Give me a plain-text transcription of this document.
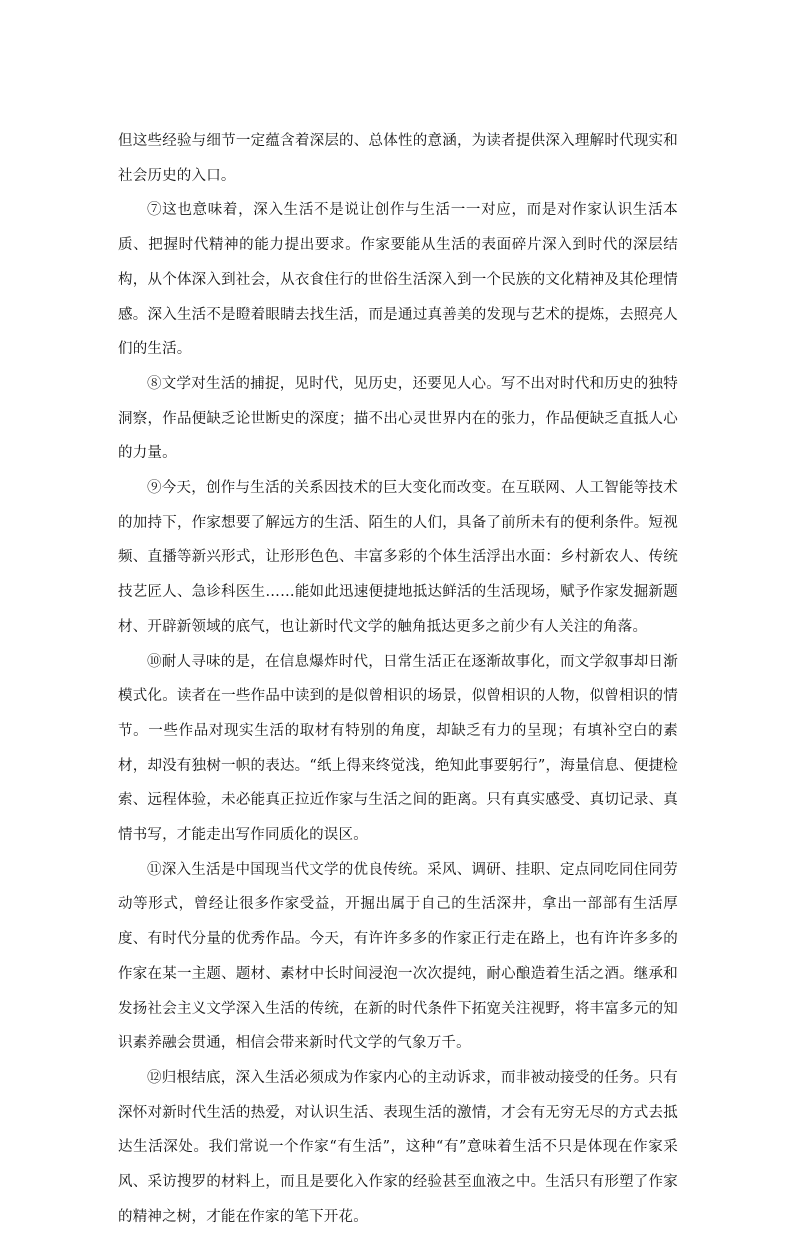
但这些经验与细节一定蕴含着深层的、总体性的意涵，为读者提供深入理解时代现实和社会历史的入口。

⑦这也意味着，深入生活不是说让创作与生活一一对应，而是对作家认识生活本质、把握时代精神的能力提出要求。作家要能从生活的表面碎片深入到时代的深层结构，从个体深入到社会，从衣食住行的世俗生活深入到一个民族的文化精神及其伦理情感。深入生活不是瞪着眼睛去找生活，而是通过真善美的发现与艺术的提炼，去照亮人们的生活。

⑧文学对生活的捕捉，见时代，见历史，还要见人心。写不出对时代和历史的独特洞察，作品便缺乏论世断史的深度；描不出心灵世界内在的张力，作品便缺乏直抵人心的力量。

⑨今天，创作与生活的关系因技术的巨大变化而改变。在互联网、人工智能等技术的加持下，作家想要了解远方的生活、陌生的人们，具备了前所未有的便利条件。短视频、直播等新兴形式，让形形色色、丰富多彩的个体生活浮出水面：乡村新农人、传统技艺匠人、急诊科医生……能如此迅速便捷地抵达鲜活的生活现场，赋予作家发掘新题材、开辟新领域的底气，也让新时代文学的触角抵达更多之前少有人关注的角落。

⑩耐人寻味的是，在信息爆炸时代，日常生活正在逐渐故事化，而文学叙事却日渐模式化。读者在一些作品中读到的是似曾相识的场景，似曾相识的人物，似曾相识的情节。一些作品对现实生活的取材有特别的角度，却缺乏有力的呈现；有填补空白的素材，却没有独树一帜的表达。“纸上得来终觉浅，绝知此事要躬行”，海量信息、便捷检索、远程体验，未必能真正拉近作家与生活之间的距离。只有真实感受、真切记录、真情书写，才能走出写作同质化的误区。

⑪深入生活是中国现当代文学的优良传统。采风、调研、挂职、定点同吃同住同劳动等形式，曾经让很多作家受益，开掘出属于自己的生活深井，拿出一部部有生活厚度、有时代分量的优秀作品。今天，有许许多多的作家正行走在路上，也有许许多多的作家在某一主题、题材、素材中长时间浸泡一次次提纯，耐心酿造着生活之酒。继承和发扬社会主义文学深入生活的传统，在新的时代条件下拓宽关注视野，将丰富多元的知识素养融会贯通，相信会带来新时代文学的气象万千。

⑫归根结底，深入生活必须成为作家内心的主动诉求，而非被动接受的任务。只有深怀对新时代生活的热爱，对认识生活、表现生活的激情，才会有无穷无尽的方式去抵达生活深处。我们常说一个作家“有生活”，这种“有”意味着生活不只是体现在作家采风、采访搜罗的材料上，而且是要化入作家的经验甚至血液之中。生活只有形塑了作家的精神之树，才能在作家的笔下开花。
